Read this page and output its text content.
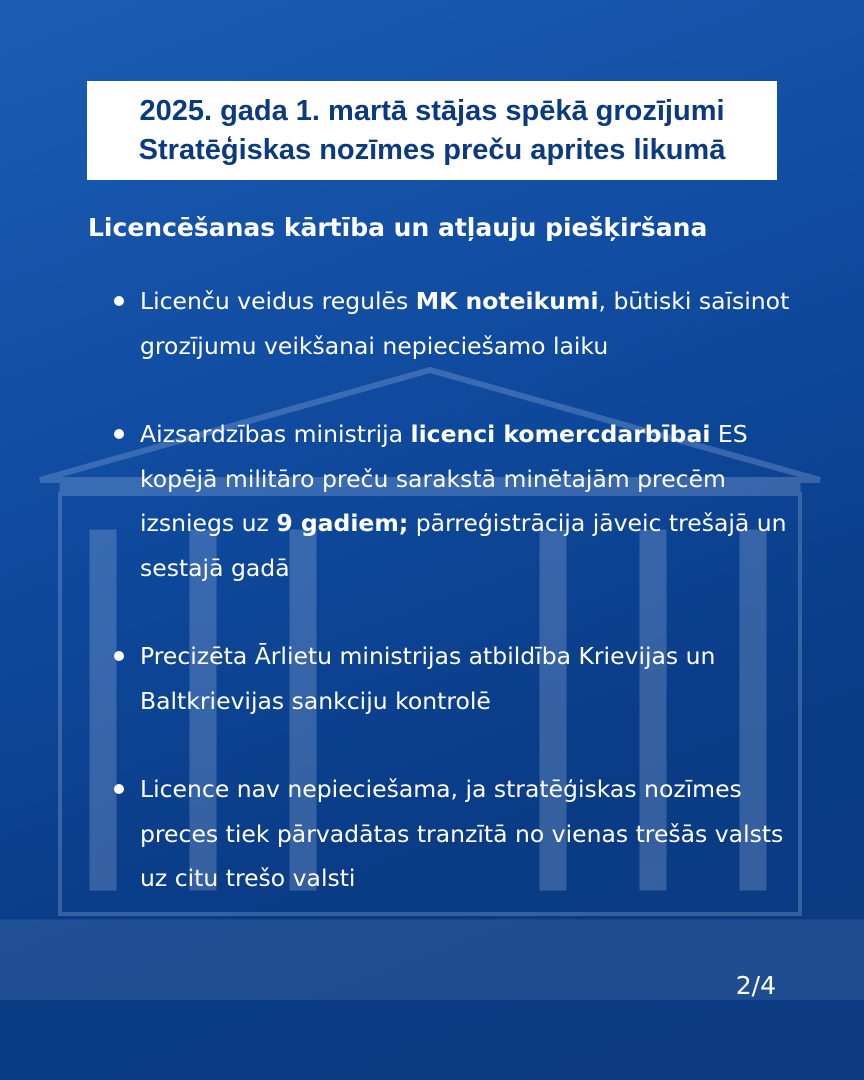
2025. gada 1. martā stājas spēkā grozījumi
Stratēģiskas nozīmes preču aprites likumā
Licencēšanas kārtība un atļauju piešķiršana
Licenču veidus regulēs MK noteikumi, būtiski saīsinot grozījumu veikšanai nepieciešamo laiku
Aizsardzības ministrija licenci komercdarbībai ES kopējā militāro preču sarakstā minētajām precēm izsniegs uz 9 gadiem; pārreģistrācija jāveic trešajā un sestajā gadā
Precizēta Ārlietu ministrijas atbildība Krievijas un Baltkrievijas sankciju kontrolē
Licence nav nepieciešama, ja stratēģiskas nozīmes preces tiek pārvadātas tranzītā no vienas trešās valsts uz citu trešo valsti
2/4
